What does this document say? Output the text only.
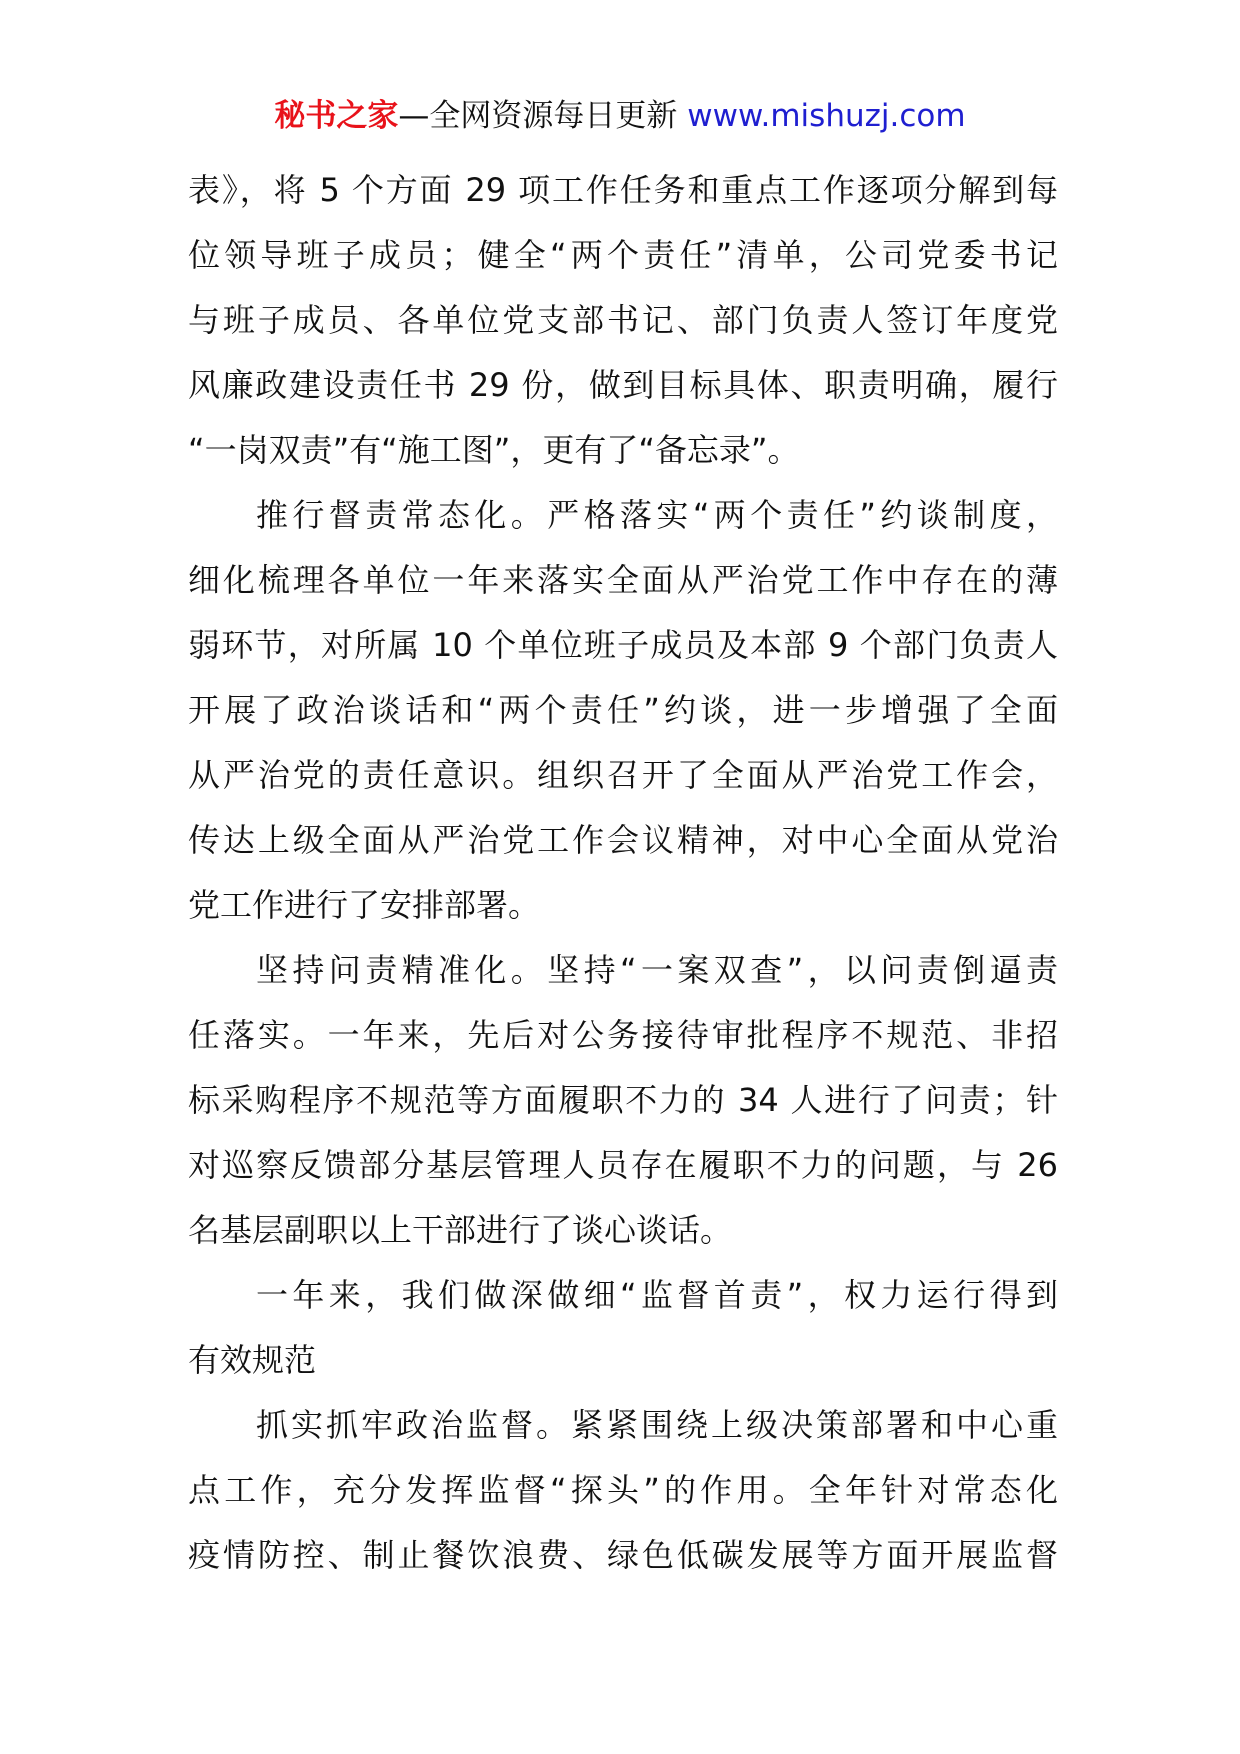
秘书之家—全网资源每日更新 www.mishuzj.com
表》，将 5 个方面 29 项工作任务和重点工作逐项分解到每
位领导班子成员；健全“两个责任”清单，公司党委书记
与班子成员、各单位党支部书记、部门负责人签订年度党
风廉政建设责任书 29 份，做到目标具体、职责明确，履行
“一岗双责”有“施工图”，更有了“备忘录”。
推行督责常态化。严格落实“两个责任”约谈制度，
细化梳理各单位一年来落实全面从严治党工作中存在的薄
弱环节，对所属 10 个单位班子成员及本部 9 个部门负责人
开展了政治谈话和“两个责任”约谈，进一步增强了全面
从严治党的责任意识。组织召开了全面从严治党工作会，
传达上级全面从严治党工作会议精神，对中心全面从党治
党工作进行了安排部署。
坚持问责精准化。坚持“一案双查”，以问责倒逼责
任落实。一年来，先后对公务接待审批程序不规范、非招
标采购程序不规范等方面履职不力的 34 人进行了问责；针
对巡察反馈部分基层管理人员存在履职不力的问题，与 26
名基层副职以上干部进行了谈心谈话。
一年来，我们做深做细“监督首责”，权力运行得到
有效规范
抓实抓牢政治监督。紧紧围绕上级决策部署和中心重
点工作，充分发挥监督“探头”的作用。全年针对常态化
疫情防控、制止餐饮浪费、绿色低碳发展等方面开展监督
